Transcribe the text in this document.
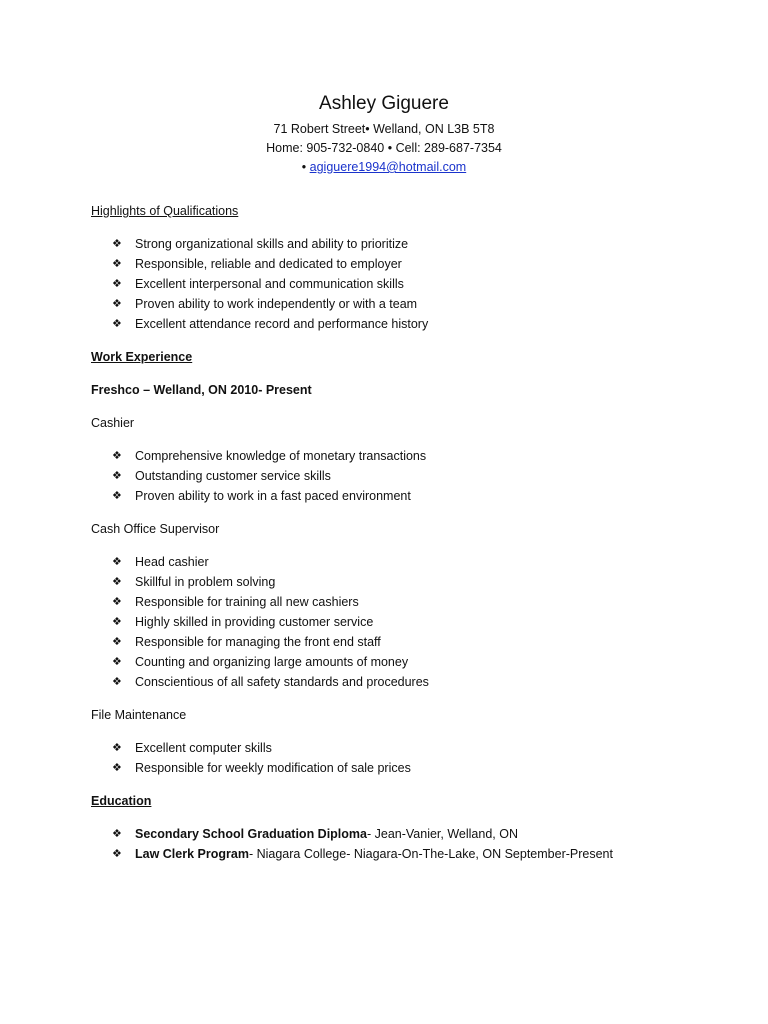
Ashley Giguere

71 Robert Street• Welland, ON L3B 5T8

Home: 905-732-0840 • Cell: 289-687-7354

• agiguere1994@hotmail.com

Highlights of Qualifications

❖ Strong organizational skills and ability to prioritize
❖ Responsible, reliable and dedicated to employer
❖ Excellent interpersonal and communication skills
❖ Proven ability to work independently or with a team
❖ Excellent attendance record and performance history

Work Experience

Freshco – Welland, ON 2010- Present

Cashier

❖ Comprehensive knowledge of monetary transactions
❖ Outstanding customer service skills
❖ Proven ability to work in a fast paced environment

Cash Office Supervisor

❖ Head cashier
❖ Skillful in problem solving
❖ Responsible for training all new cashiers
❖ Highly skilled in providing customer service
❖ Responsible for managing the front end staff
❖ Counting and organizing large amounts of money
❖ Conscientious of all safety standards and procedures

File Maintenance

❖ Excellent computer skills
❖ Responsible for weekly modification of sale prices

Education

❖ Secondary School Graduation Diploma- Jean-Vanier, Welland, ON
❖ Law Clerk Program- Niagara College- Niagara-On-The-Lake, ON September-Present
